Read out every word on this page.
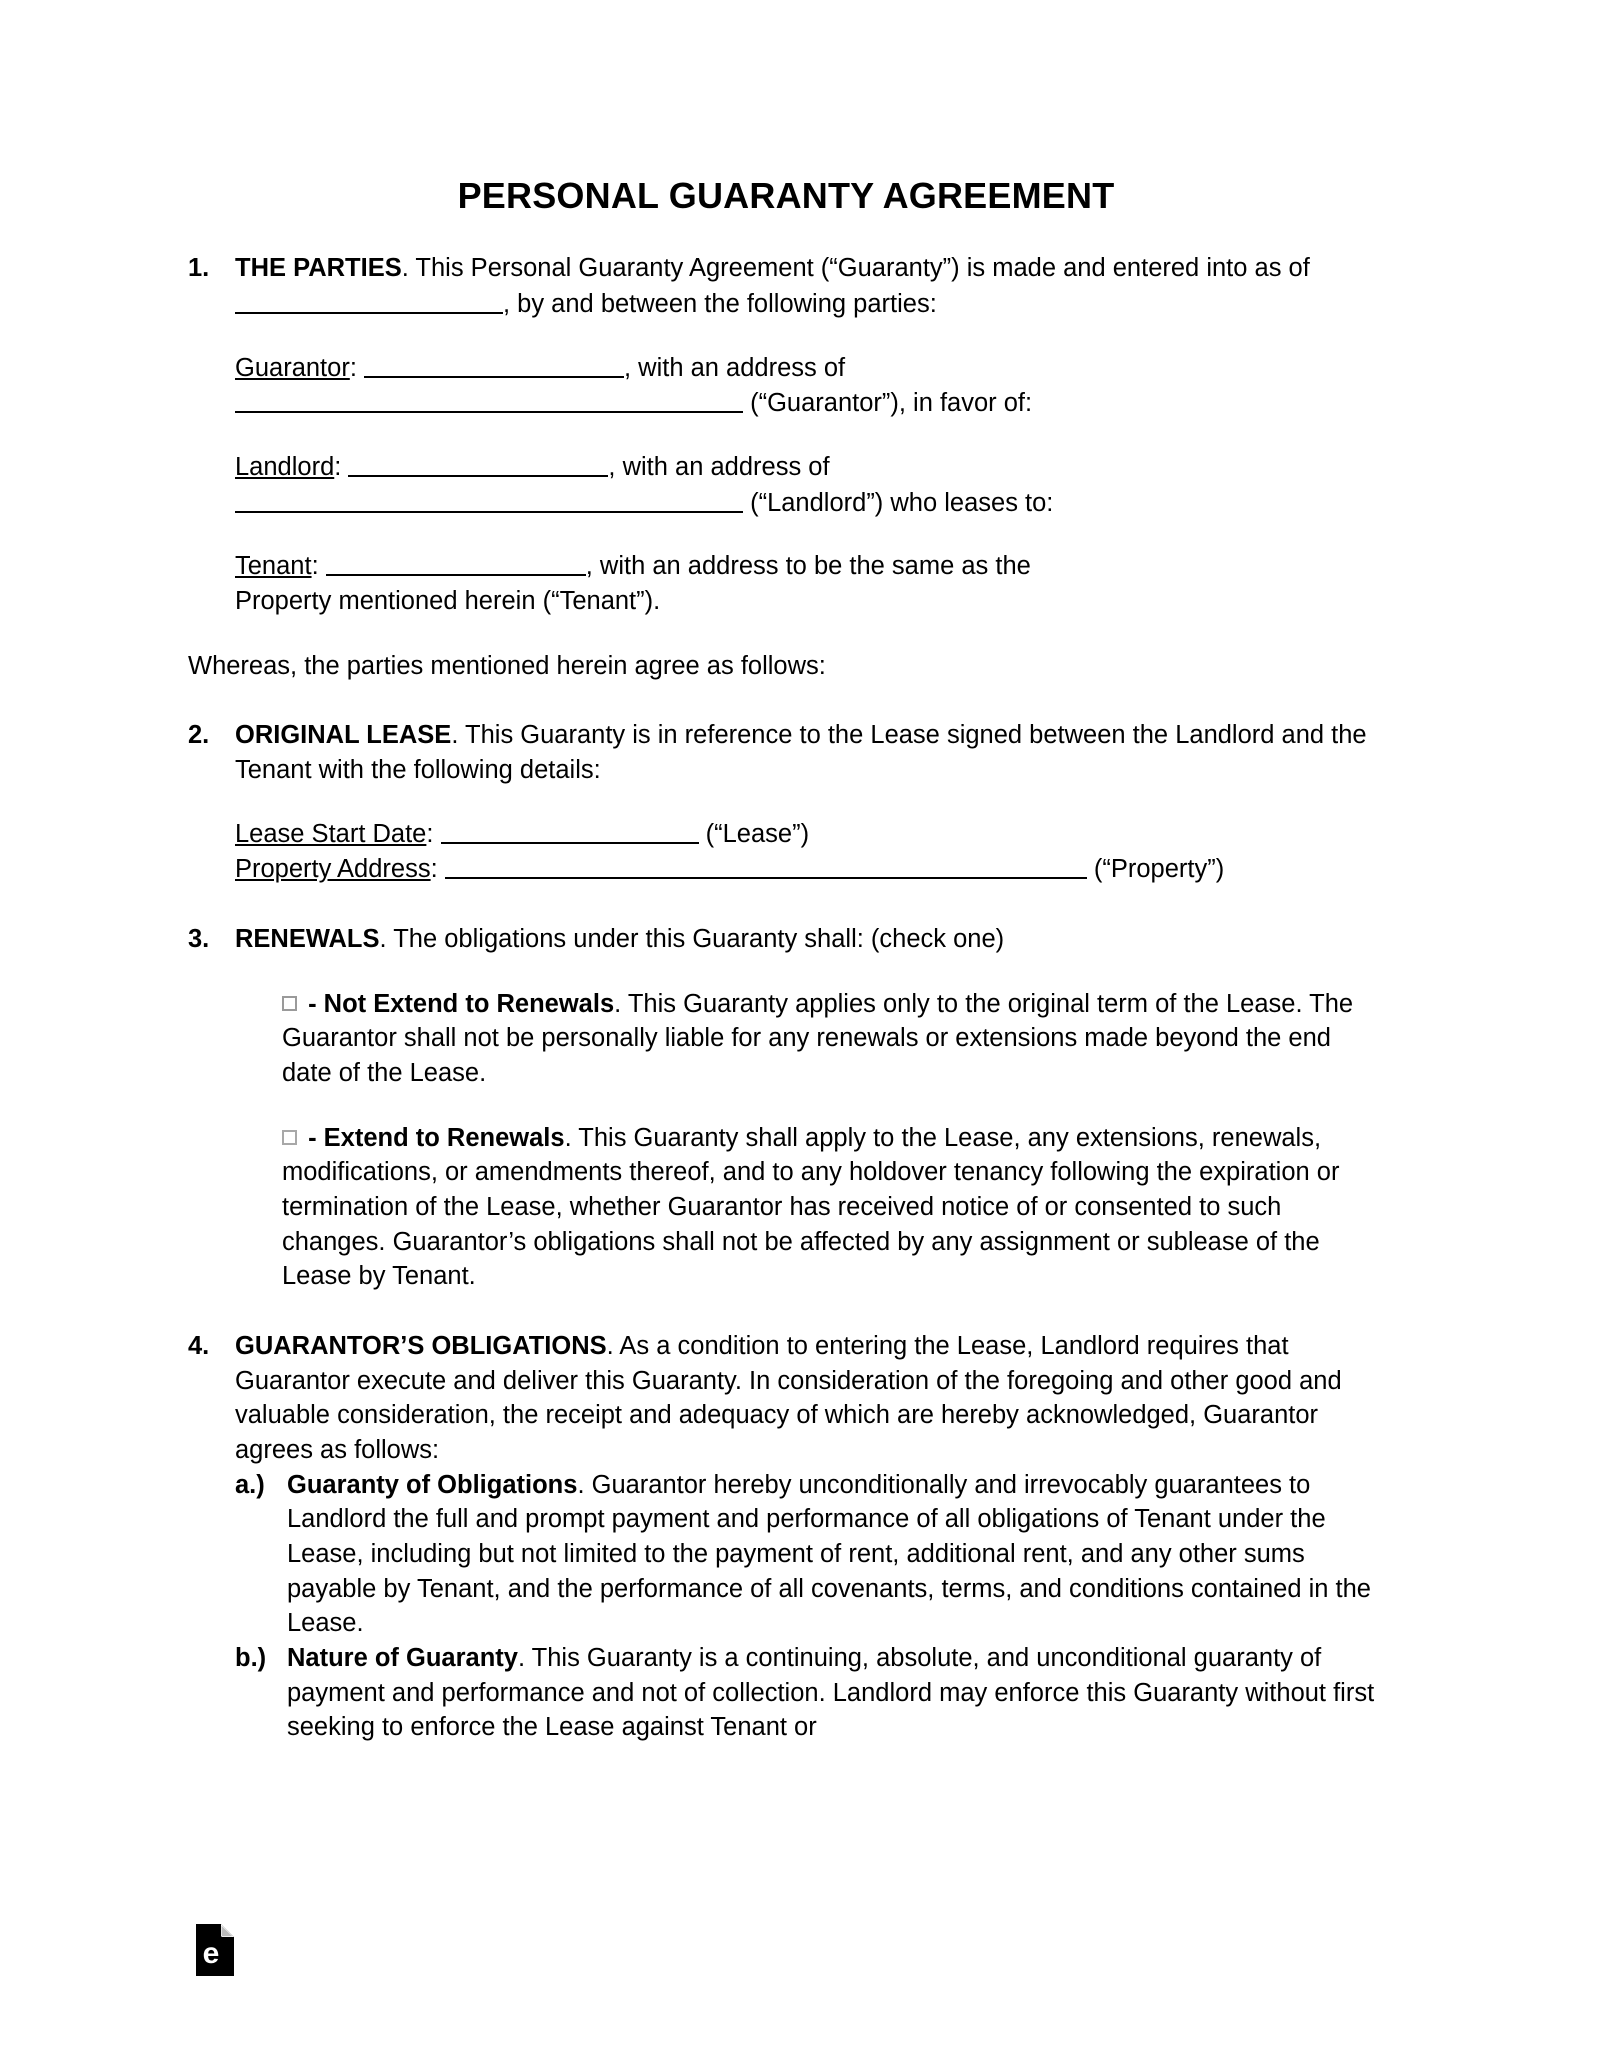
PERSONAL GUARANTY AGREEMENT
1.	THE PARTIES. This Personal Guaranty Agreement (“Guaranty”) is made and entered into as of , by and between the following parties:
Guarantor:	, with an address of
(“Guarantor”), in favor of:
Landlord:	, with an address of
(“Landlord”) who leases to:
Tenant:	, with an address to be the same as the
Property mentioned herein (“Tenant”).
Whereas, the parties mentioned herein agree as follows:
2.	ORIGINAL LEASE. This Guaranty is in reference to the Lease signed between the Landlord and the Tenant with the following details:
Lease Start Date:	(“Lease”)
Property Address:	(“Property”)
3.	RENEWALS. The obligations under this Guaranty shall: (check one)
- Not Extend to Renewals. This Guaranty applies only to the original term of the Lease. The Guarantor shall not be personally liable for any renewals or extensions made beyond the end date of the Lease.
- Extend to Renewals. This Guaranty shall apply to the Lease, any extensions, renewals, modifications, or amendments thereof, and to any holdover tenancy following the expiration or termination of the Lease, whether Guarantor has received notice of or consented to such changes. Guarantor’s obligations shall not be affected by any assignment or sublease of the Lease by Tenant.
4.	GUARANTOR’S OBLIGATIONS. As a condition to entering the Lease, Landlord requires that Guarantor execute and deliver this Guaranty. In consideration of the foregoing and other good and valuable consideration, the receipt and adequacy of which are hereby acknowledged, Guarantor agrees as follows:
a.) Guaranty of Obligations. Guarantor hereby unconditionally and irrevocably guarantees to Landlord the full and prompt payment and performance of all obligations of Tenant under the Lease, including but not limited to the payment of rent, additional rent, and any other sums payable by Tenant, and the performance of all covenants, terms, and conditions contained in the Lease.
b.) Nature of Guaranty. This Guaranty is a continuing, absolute, and unconditional guaranty of payment and performance and not of collection. Landlord may enforce this Guaranty without first seeking to enforce the Lease against Tenant or
e
